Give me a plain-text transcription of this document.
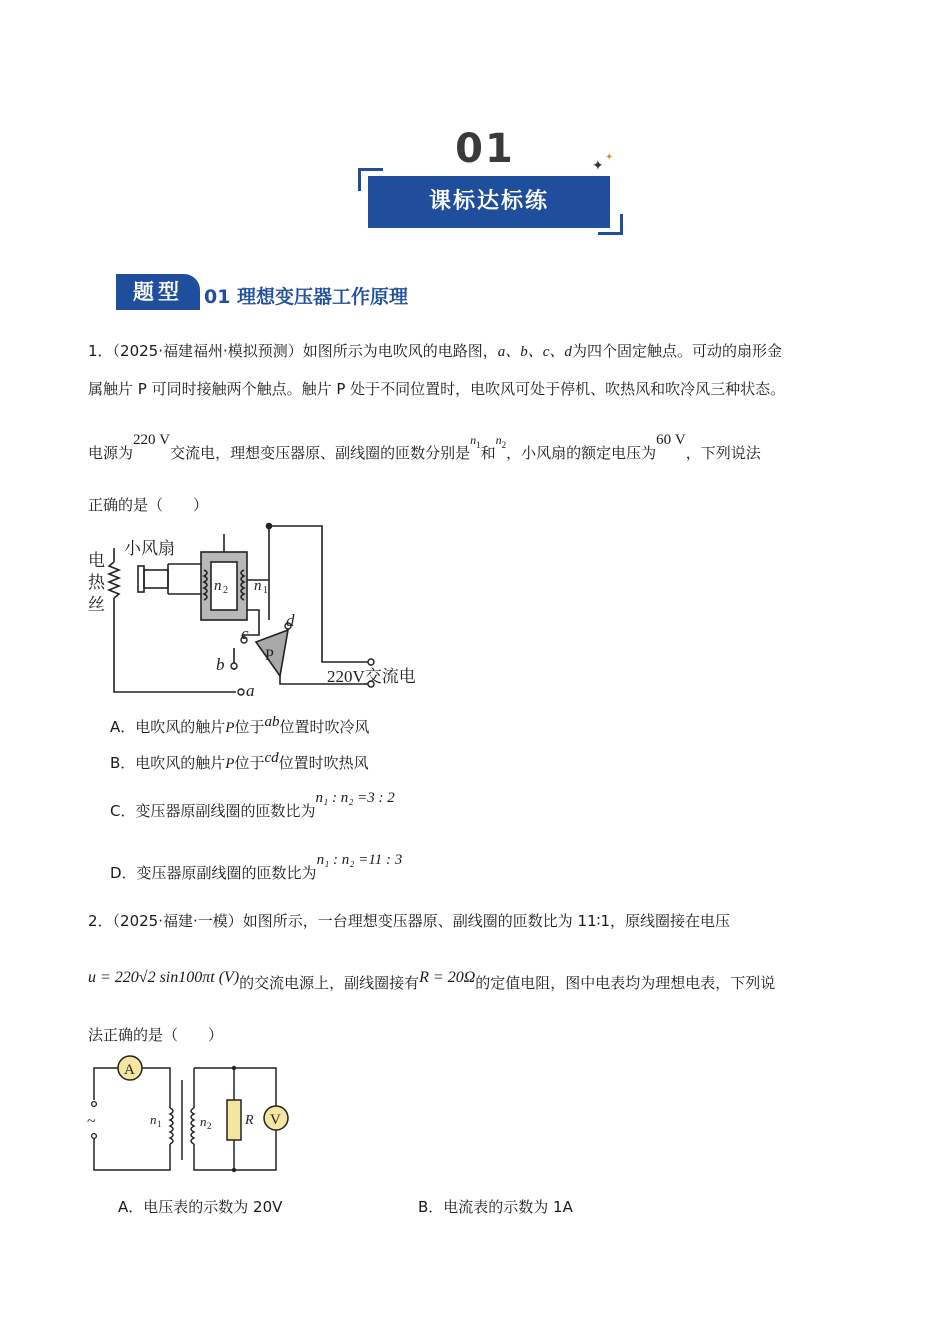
01	✦
✦
课标达标练
题型	01 理想变压器工作原理
1．（2025·福建福州·模拟预测）如图所示为电吹风的电路图，a、b、c、d为四个固定触点。可动的扇形金
属触片 P 可同时接触两个触点。触片 P 处于不同位置时，电吹风可处于停机、吹热风和吹冷风三种状态。
电源为220 V交流电，理想变压器原、副线圈的匝数分别是$^{n1}$和$^{n2}$，小风扇的额定电压为60 V，下列说法
正确的是（　　）
电
热
丝
小风扇
n 2 n 1
c
d
b
a
P
220V交流电
A．电吹风的触片P位于ab位置时吹冷风
B．电吹风的触片P位于cd位置时吹热风
C．变压器原副线圈的匝数比为n₁ : n₂ =3 : 2
D．变压器原副线圈的匝数比为n₁ : n₂ =11 : 3
2．（2025·福建·一模）如图所示，一台理想变压器原、副线圈的匝数比为 11∶1，原线圈接在电压
u = 220√2 sin100πt (V)的交流电源上，副线圈接有R = 20Ω的定值电阻，图中电表均为理想电表，下列说
法正确的是（　　）
A
V
~	n 1	n 2 R
A．电压表的示数为 20V	B．电流表的示数为 1A
